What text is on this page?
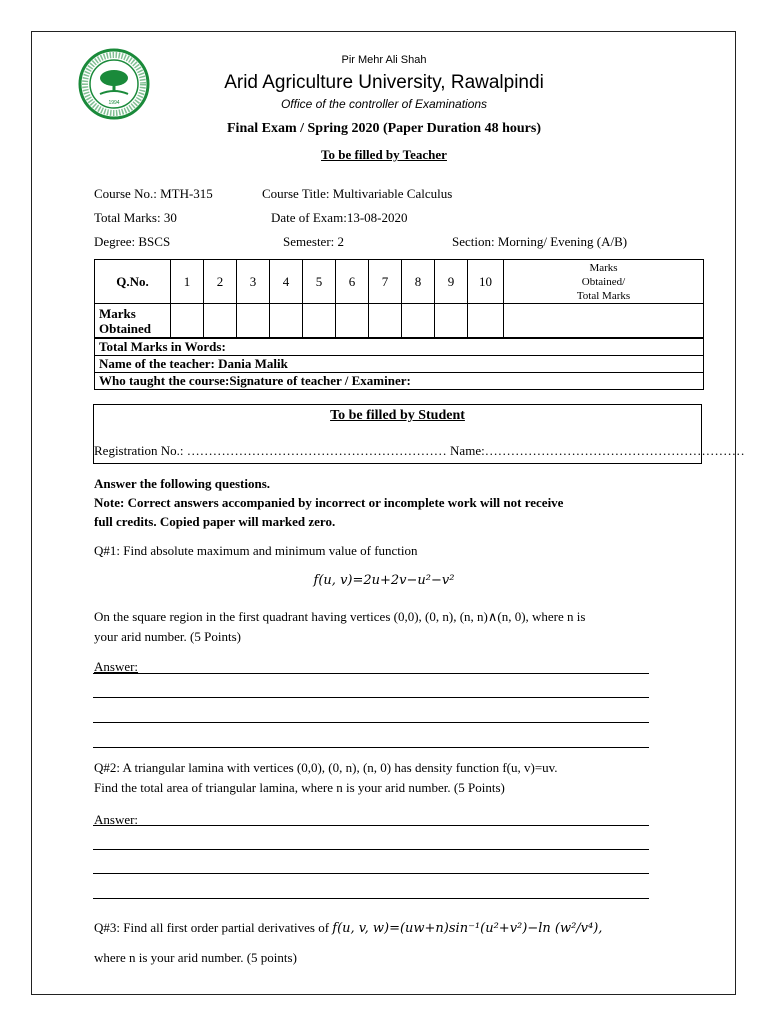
1994
Pir Mehr Ali Shah
Arid Agriculture University, Rawalpindi
Office of the controller of Examinations
Final Exam / Spring 2020 (Paper Duration 48 hours)
To be filled by Teacher
Course No.: MTH-315	Course Title: Multivariable Calculus
Total Marks: 30	Date of Exam:13-08-2020
Degree: BSCS	Semester: 2	Section: Morning/ Evening (A/B)
Q.No.	1	2	3	4	5	6	7	8	9	10	Marks
Obtained/
Total Marks

Marks
Obtained											

Total Marks in Words:
Name of the teacher: Dania Malik
Who taught the course:Signature of teacher / Examiner:
To be filled by Student
Registration No.: …………………………………………………… Name:……………………………………………………
Answer the following questions.
Note: Correct answers accompanied by incorrect or incomplete work will not receive
full credits. Copied paper will marked zero.
Q#1: Find absolute maximum and minimum value of function
f(u, v)=2u+2v−u²−v²
On the square region in the first quadrant having vertices (0,0), (0, n), (n, n)∧(n, 0), where n is
your arid number. (5 Points)
Answer:
Q#2: A triangular lamina with vertices (0,0), (0, n), (n, 0) has density function f(u, v)=uv.
Find the total area of triangular lamina, where n is your arid number. (5 Points)
Answer:
Q#3: Find all first order partial derivatives of f(u, v, w)=(uw+n)sin⁻¹(u²+v²)−ln (w²/v⁴),
where n is your arid number. (5 points)
